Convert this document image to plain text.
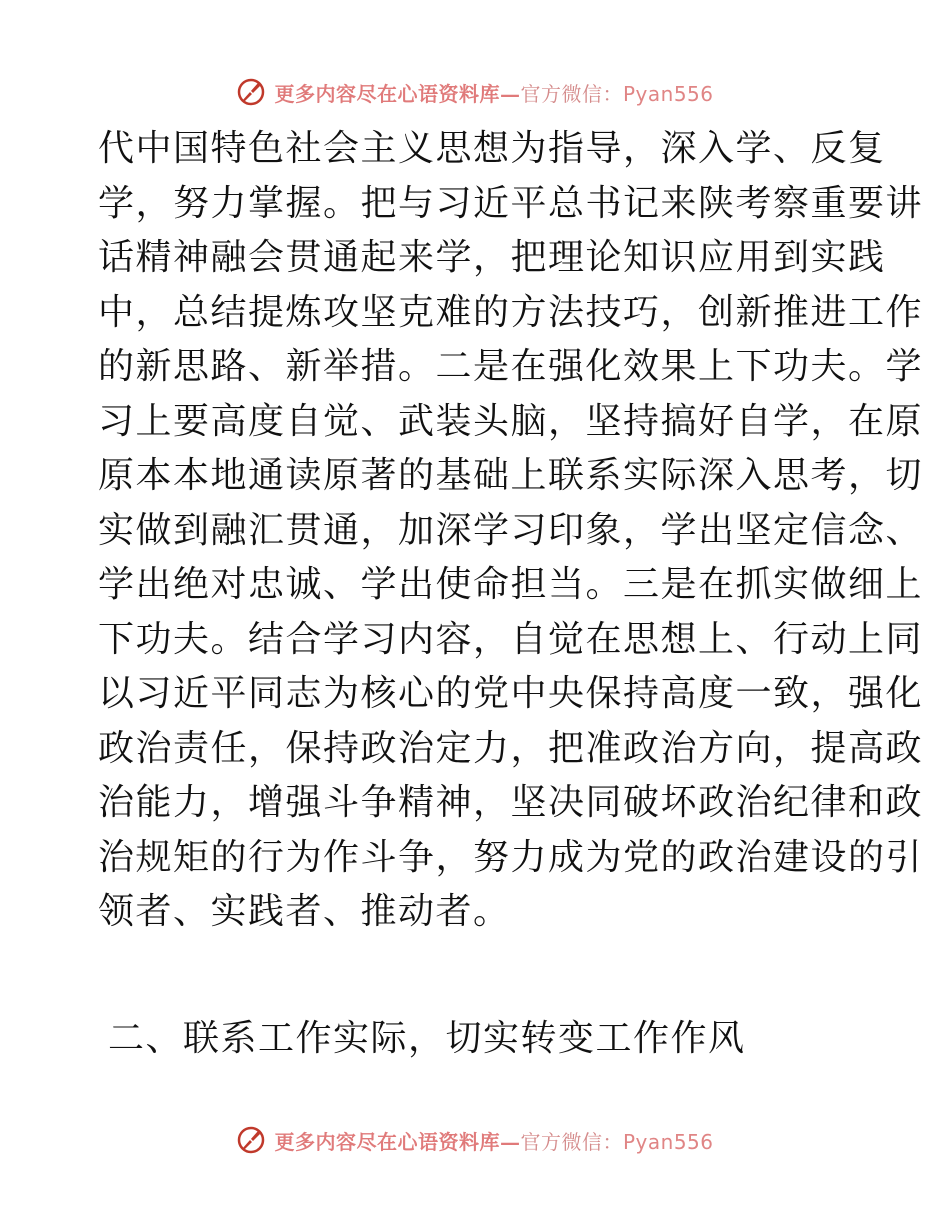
更多内容尽在心语资料库—官方微信：Pyan556
代中国特色社会主义思想为指导，深入学、反复
学，努力掌握。把与习近平总书记来陕考察重要讲
话精神融会贯通起来学，把理论知识应用到实践
中，总结提炼攻坚克难的方法技巧，创新推进工作
的新思路、新举措。二是在强化效果上下功夫。学
习上要高度自觉、武装头脑，坚持搞好自学，在原
原本本地通读原著的基础上联系实际深入思考，切
实做到融汇贯通，加深学习印象，学出坚定信念、
学出绝对忠诚、学出使命担当。三是在抓实做细上
下功夫。结合学习内容，自觉在思想上、行动上同
以习近平同志为核心的党中央保持高度一致，强化
政治责任，保持政治定力，把准政治方向，提高政
治能力，增强斗争精神，坚决同破坏政治纪律和政
治规矩的行为作斗争，努力成为党的政治建设的引
领者、实践者、推动者。
二、联系工作实际，切实转变工作作风
更多内容尽在心语资料库—官方微信：Pyan556
